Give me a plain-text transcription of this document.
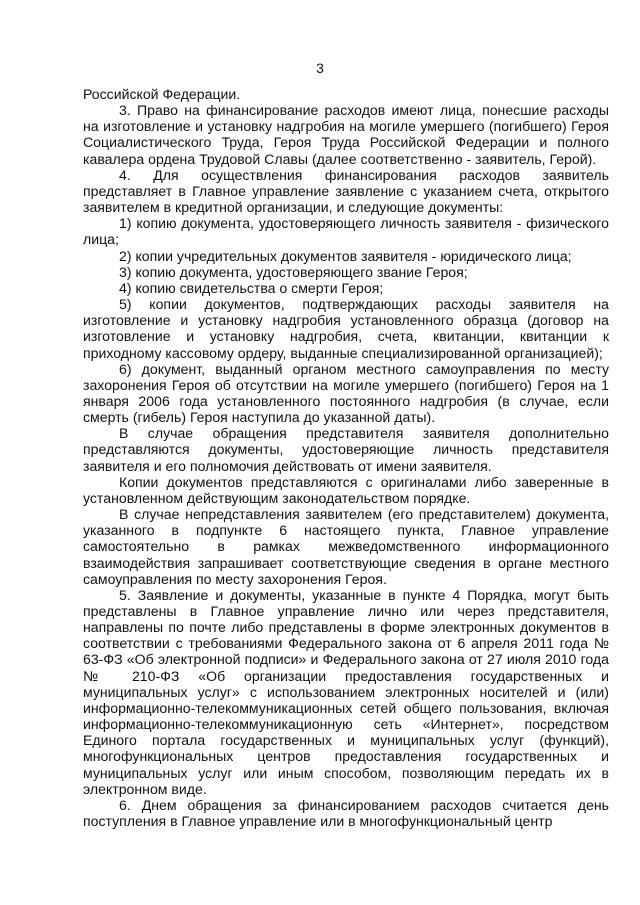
3

Российской Федерации.

3. Право на финансирование расходов имеют лица, понесшие расходы на изготовление и установку надгробия на могиле умершего (погибшего) Героя Социалистического Труда, Героя Труда Российской Федерации и полного кавалера ордена Трудовой Славы (далее соответственно - заявитель, Герой).

4. Для осуществления финансирования расходов заявитель представляет в Главное управление заявление с указанием счета, открытого заявителем в кредитной организации, и следующие документы:

1) копию документа, удостоверяющего личность заявителя - физического лица;

2) копии учредительных документов заявителя - юридического лица;

3) копию документа, удостоверяющего звание Героя;

4) копию свидетельства о смерти Героя;

5) копии документов, подтверждающих расходы заявителя на изготовление и установку надгробия установленного образца (договор на изготовление и установку надгробия, счета, квитанции, квитанции к приходному кассовому ордеру, выданные специализированной организацией);

6) документ, выданный органом местного самоуправления по месту захоронения Героя об отсутствии на могиле умершего (погибшего) Героя на 1 января 2006 года установленного постоянного надгробия (в случае, если смерть (гибель) Героя наступила до указанной даты).

В случае обращения представителя заявителя дополнительно представляются документы, удостоверяющие личность представителя заявителя и его полномочия действовать от имени заявителя.

Копии документов представляются с оригиналами либо заверенные в установленном действующим законодательством порядке.

В случае непредставления заявителем (его представителем) документа, указанного в подпункте 6 настоящего пункта, Главное управление самостоятельно в рамках межведомственного информационного взаимодействия запрашивает соответствующие сведения в органе местного самоуправления по месту захоронения Героя.

5. Заявление и документы, указанные в пункте 4 Порядка, могут быть представлены в Главное управление лично или через представителя, направлены по почте либо представлены в форме электронных документов в соответствии с требованиями Федерального закона от 6 апреля 2011 года № 63-ФЗ «Об электронной подписи» и Федерального закона от 27 июля 2010 года № 210-ФЗ «Об организации предоставления государственных и муниципальных услуг» с использованием электронных носителей и (или) информационно-телекоммуникационных сетей общего пользования, включая информационно-телекоммуникационную сеть «Интернет», посредством Единого портала государственных и муниципальных услуг (функций), многофункциональных центров предоставления государственных и муниципальных услуг или иным способом, позволяющим передать их в электронном виде.

6. Днем обращения за финансированием расходов считается день поступления в Главное управление или в многофункциональный центр
